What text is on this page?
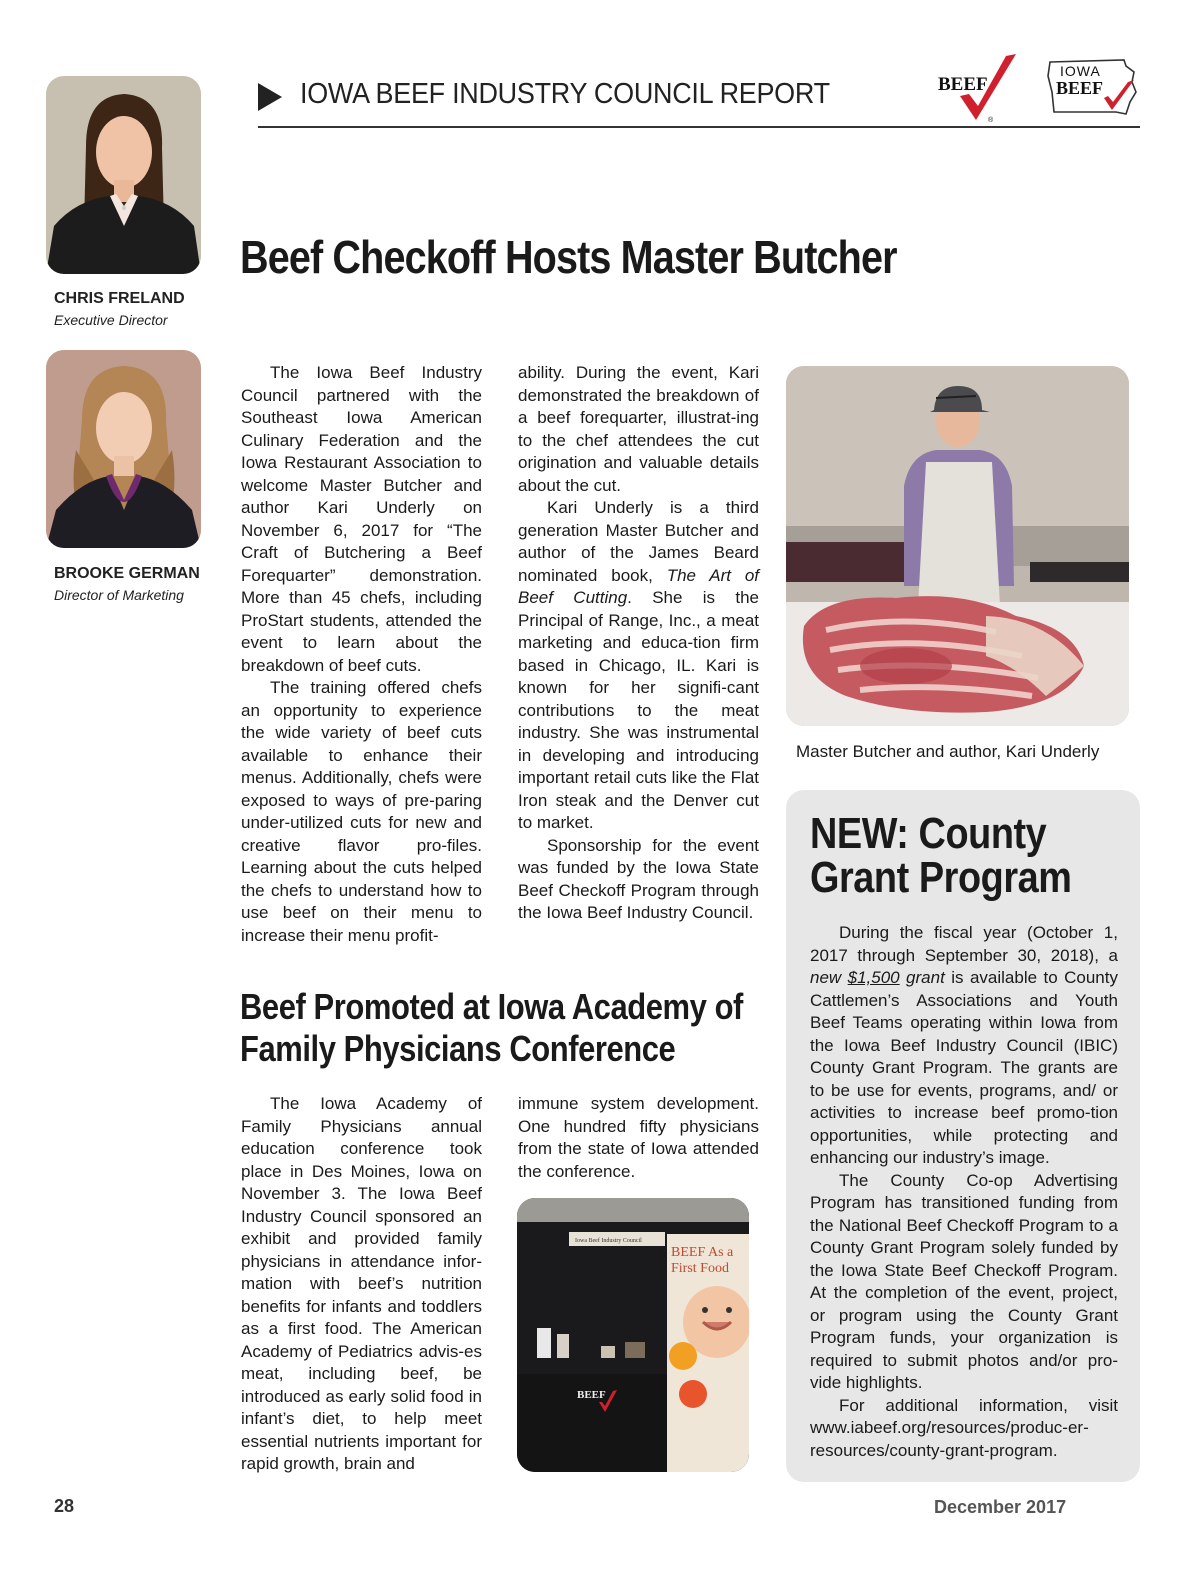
IOWA BEEF INDUSTRY COUNCIL REPORT	BEEF
®
IOWA
BEEF
CHRIS FRELAND
Executive Director
BROOKE GERMAN
Director of Marketing
Beef Checkoff Hosts Master Butcher

The Iowa Beef Industry Council partnered with the Southeast Iowa American Culinary Federation and the Iowa Restaurant Association to welcome Master Butcher and author Kari Underly on November 6, 2017 for “The Craft of Butchering a Beef Forequarter” demonstration. More than 45 chefs, including ProStart students, attended the event to learn about the breakdown of beef cuts.

The training offered chefs an opportunity to experience the wide variety of beef cuts available to enhance their menus. Additionally, chefs were exposed to ways of pre-paring under-utilized cuts for new and creative flavor pro-files. Learning about the cuts helped the chefs to understand how to use beef on their menu to increase their menu profit-

ability. During the event, Kari demonstrated the breakdown of a beef forequarter, illustrat-ing to the chef attendees the cut origination and valuable details about the cut.

Kari Underly is a third generation Master Butcher and author of the James Beard nominated book, The Art of Beef Cutting. She is the Principal of Range, Inc., a meat marketing and educa-tion firm based in Chicago, IL. Kari is known for her signifi-cant contributions to the meat industry. She was instrumental in developing and introducing important retail cuts like the Flat Iron steak and the Denver cut to market.

Sponsorship for the event was funded by the Iowa State Beef Checkoff Program through the Iowa Beef Industry Council.

Master Butcher and author, Kari Underly
Beef Promoted at Iowa Academy of
Family Physicians Conference

The Iowa Academy of Family Physicians annual education conference took place in Des Moines, Iowa on November 3. The Iowa Beef Industry Council sponsored an exhibit and provided family physicians in attendance infor-mation with beef’s nutrition benefits for infants and toddlers as a first food. The American Academy of Pediatrics advis-es meat, including beef, be introduced as early solid food in infant’s diet, to help meet essential nutrients important for rapid growth, brain and

immune system development. One hundred fifty physicians from the state of Iowa attended the conference.

Iowa Beef Industry Council
BEEF As a
First Food
BEEF
NEW: County
Grant Program

During the fiscal year (October 1, 2017 through September 30, 2018), a new $1,500 grant is available to County Cattlemen’s Associations and Youth Beef Teams operating within Iowa from the Iowa Beef Industry Council (IBIC) County Grant Program. The grants are to be use for events, programs, and/ or activities to increase beef promo-tion opportunities, while protecting and enhancing our industry’s image.

The County Co-op Advertising Program has transitioned funding from the National Beef Checkoff Program to a County Grant Program solely funded by the Iowa State Beef Checkoff Program. At the completion of the event, project, or program using the County Grant Program funds, your organization is required to submit photos and/or pro-vide highlights.

For additional information, visit www.iabeef.org/resources/produc-er-resources/county-grant-program.

28	December 2017
